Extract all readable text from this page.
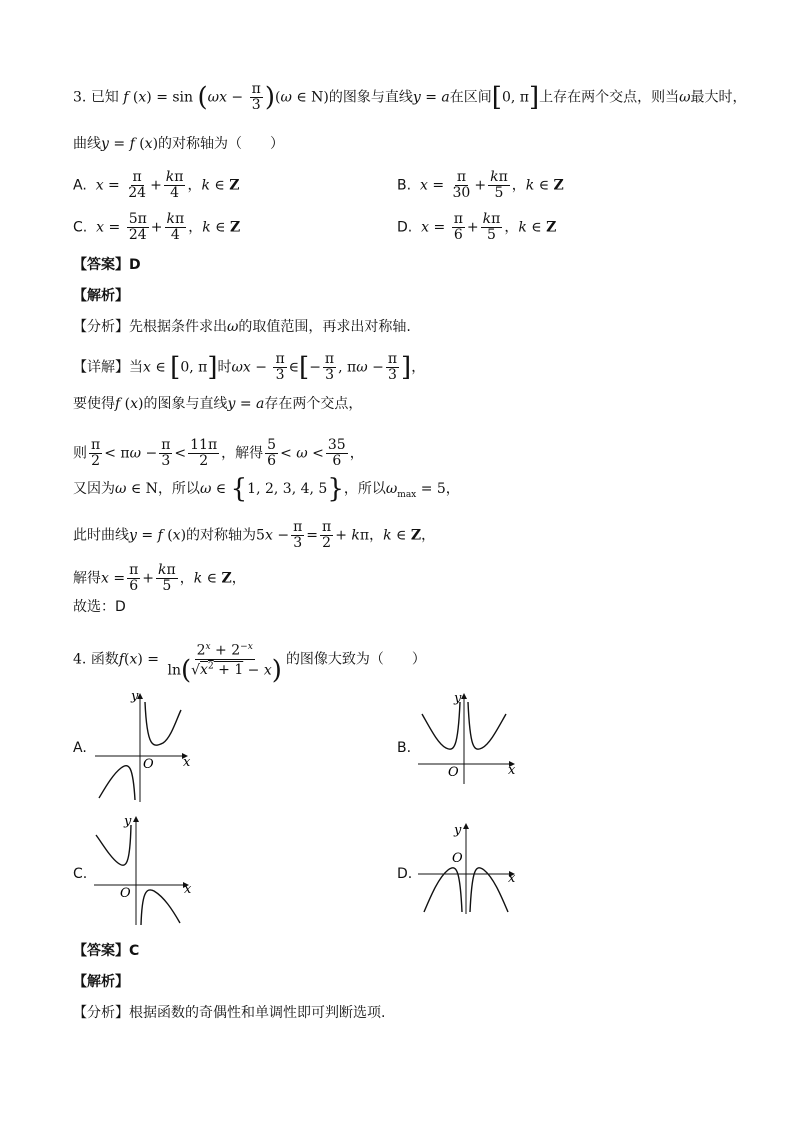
3. 已知 f $(x) = \sin (\omega x - \frac{\pi}{3} )(\omega$ ∈ N)的图象与直线y = a在区间[0, π]上存在两个交点，则当ω最大时，
曲线y = f (x)的对称轴为（　　）
A. $x = \frac{\pi}{24} + \frac{k\pi}{4}$ ，k ∈ Z	B. $x = \frac{\pi}{30} + \frac{k\pi}{5}$ ，k ∈ Z
C. $x = \frac{5\pi}{24} + \frac{k\pi}{4}$ ，k ∈ Z	D. $x = \frac{\pi}{6} + \frac{k\pi}{5}$ ，k ∈ Z
【答案】D
【解析】
【分析】先根据条件求出ω的取值范围，再求出对称轴.
【详解】当x ∈ [0, π]时$\omega x - \frac{\pi}{3}$ ∈[− $\frac{\pi}{3}$ , $\pi\omega - \frac{\pi}{3}$ ]，
要使得f (x)的图象与直线y = a存在两个交点，
则 $\frac{\pi}{2} < \pi\omega - \frac{\pi}{3} < \frac{11\pi}{2}$ ，解得 $\frac{5}{6} < \omega < \frac{35}{6}$ ，
又因为ω ∈ N，所以ω ∈ {1, 2, 3, 4, 5}，所以$\omega_{max} = 5$，
此时曲线y = f (x)的对称轴为$5x - \frac{\pi}{3} = \frac{\pi}{2} + k\pi$，k ∈ Z，
解得$x = \frac{\pi}{6} + \frac{k\pi}{5}$ ，k ∈ Z，
故选：D
4. 函数$f(x) = \frac{2^x + 2^{-x}}{\ln(√x^2 + 1 - x)}$ 的图像大致为（　　）
A.
y
x
O
B.
y
x
O
C.
y
x
O
D.
y
x
O
【答案】C
【解析】
【分析】根据函数的奇偶性和单调性即可判断选项.
